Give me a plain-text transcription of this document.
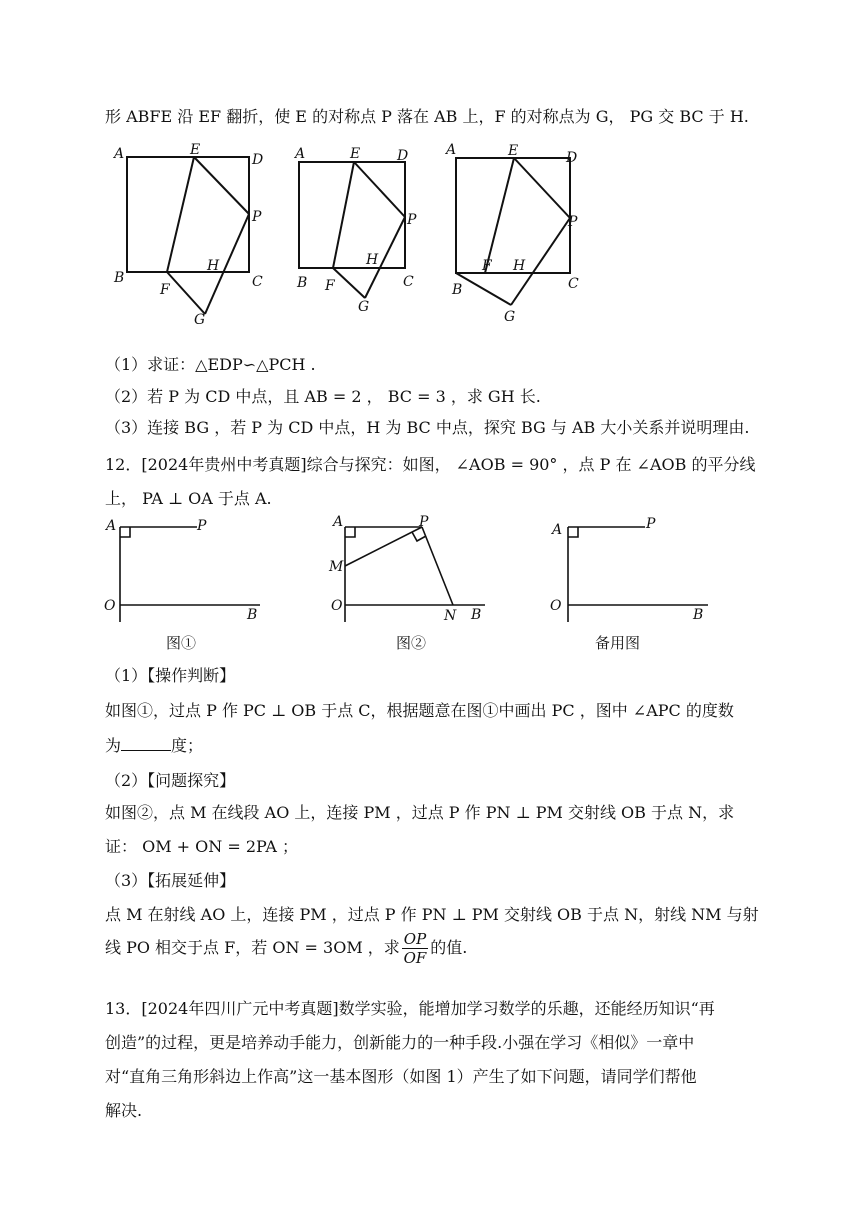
形 ABFE 沿 EF 翻折，使 E 的对称点 P 落在 AB 上，F 的对称点为 G， PG 交 BC 于 H.
A	E
D
P
B
H
C
F
G
A	E	D
P
B
H
C
F
G
A	E	D
P
B
H
C
F
G
（1）求证：△EDP∽△PCH .
（2）若 P 为 CD 中点，且 AB = 2 ， BC = 3 ，求 GH 长.
（3）连接 BG ，若 P 为 CD 中点，H 为 BC 中点，探究 BG 与 AB 大小关系并说明理由.
12．[2024年贵州中考真题]综合与探究：如图， ∠AOB = 90° ，点 P 在 ∠AOB 的平分线
上， PA ⊥ OA 于点 A.
A	P
O
B
图①
A	P
M
O
N B
图②
A	P
O
B
备用图
（1）【操作判断】
如图①，过点 P 作 PC ⊥ OB 于点 C，根据题意在图①中画出 PC ，图中 ∠APC 的度数
为	度；
（2）【问题探究】
如图②，点 M 在线段 AO 上，连接 PM ，过点 P 作 PN ⊥ PM 交射线 OB 于点 N，求
证： OM + ON = 2PA ；
（3）【拓展延伸】
点 M 在射线 AO 上，连接 PM ，过点 P 作 PN ⊥ PM 交射线 OB 于点 N，射线 NM 与射
线 PO 相交于点 F，若 ON = 3OM ，求 $\frac{OP}{OF}$ 的值.
13．[2024年四川广元中考真题]数学实验，能增加学习数学的乐趣，还能经历知识“再
创造”的过程，更是培养动手能力，创新能力的一种手段.小强在学习《相似》一章中
对“直角三角形斜边上作高”这一基本图形（如图 1）产生了如下问题，请同学们帮他
解决.
